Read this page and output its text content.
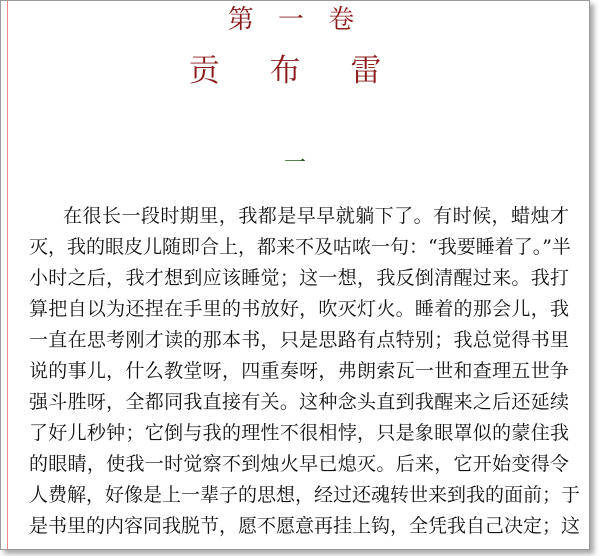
第 一 卷
贡 布 雷
一
在很长一段时期里，我都是早早就躺下了。有时候，蜡烛才
灭，我的眼皮儿随即合上，都来不及咕哝一句：“我要睡着了。”半
小时之后，我才想到应该睡觉；这一想，我反倒清醒过来。我打
算把自以为还捏在手里的书放好，吹灭灯火。睡着的那会儿，我
一直在思考刚才读的那本书，只是思路有点特别；我总觉得书里
说的事儿，什么教堂呀，四重奏呀，弗朗索瓦一世和查理五世争
强斗胜呀，全都同我直接有关。这种念头直到我醒来之后还延续
了好儿秒钟；它倒与我的理性不很相悖，只是象眼罩似的蒙住我
的眼睛，使我一时觉察不到烛火早已熄灭。后来，它开始变得令
人费解，好像是上一辈子的思想，经过还魂转世来到我的面前；于
是书里的内容同我脱节，愿不愿意再挂上钩，全凭我自己决定；这
